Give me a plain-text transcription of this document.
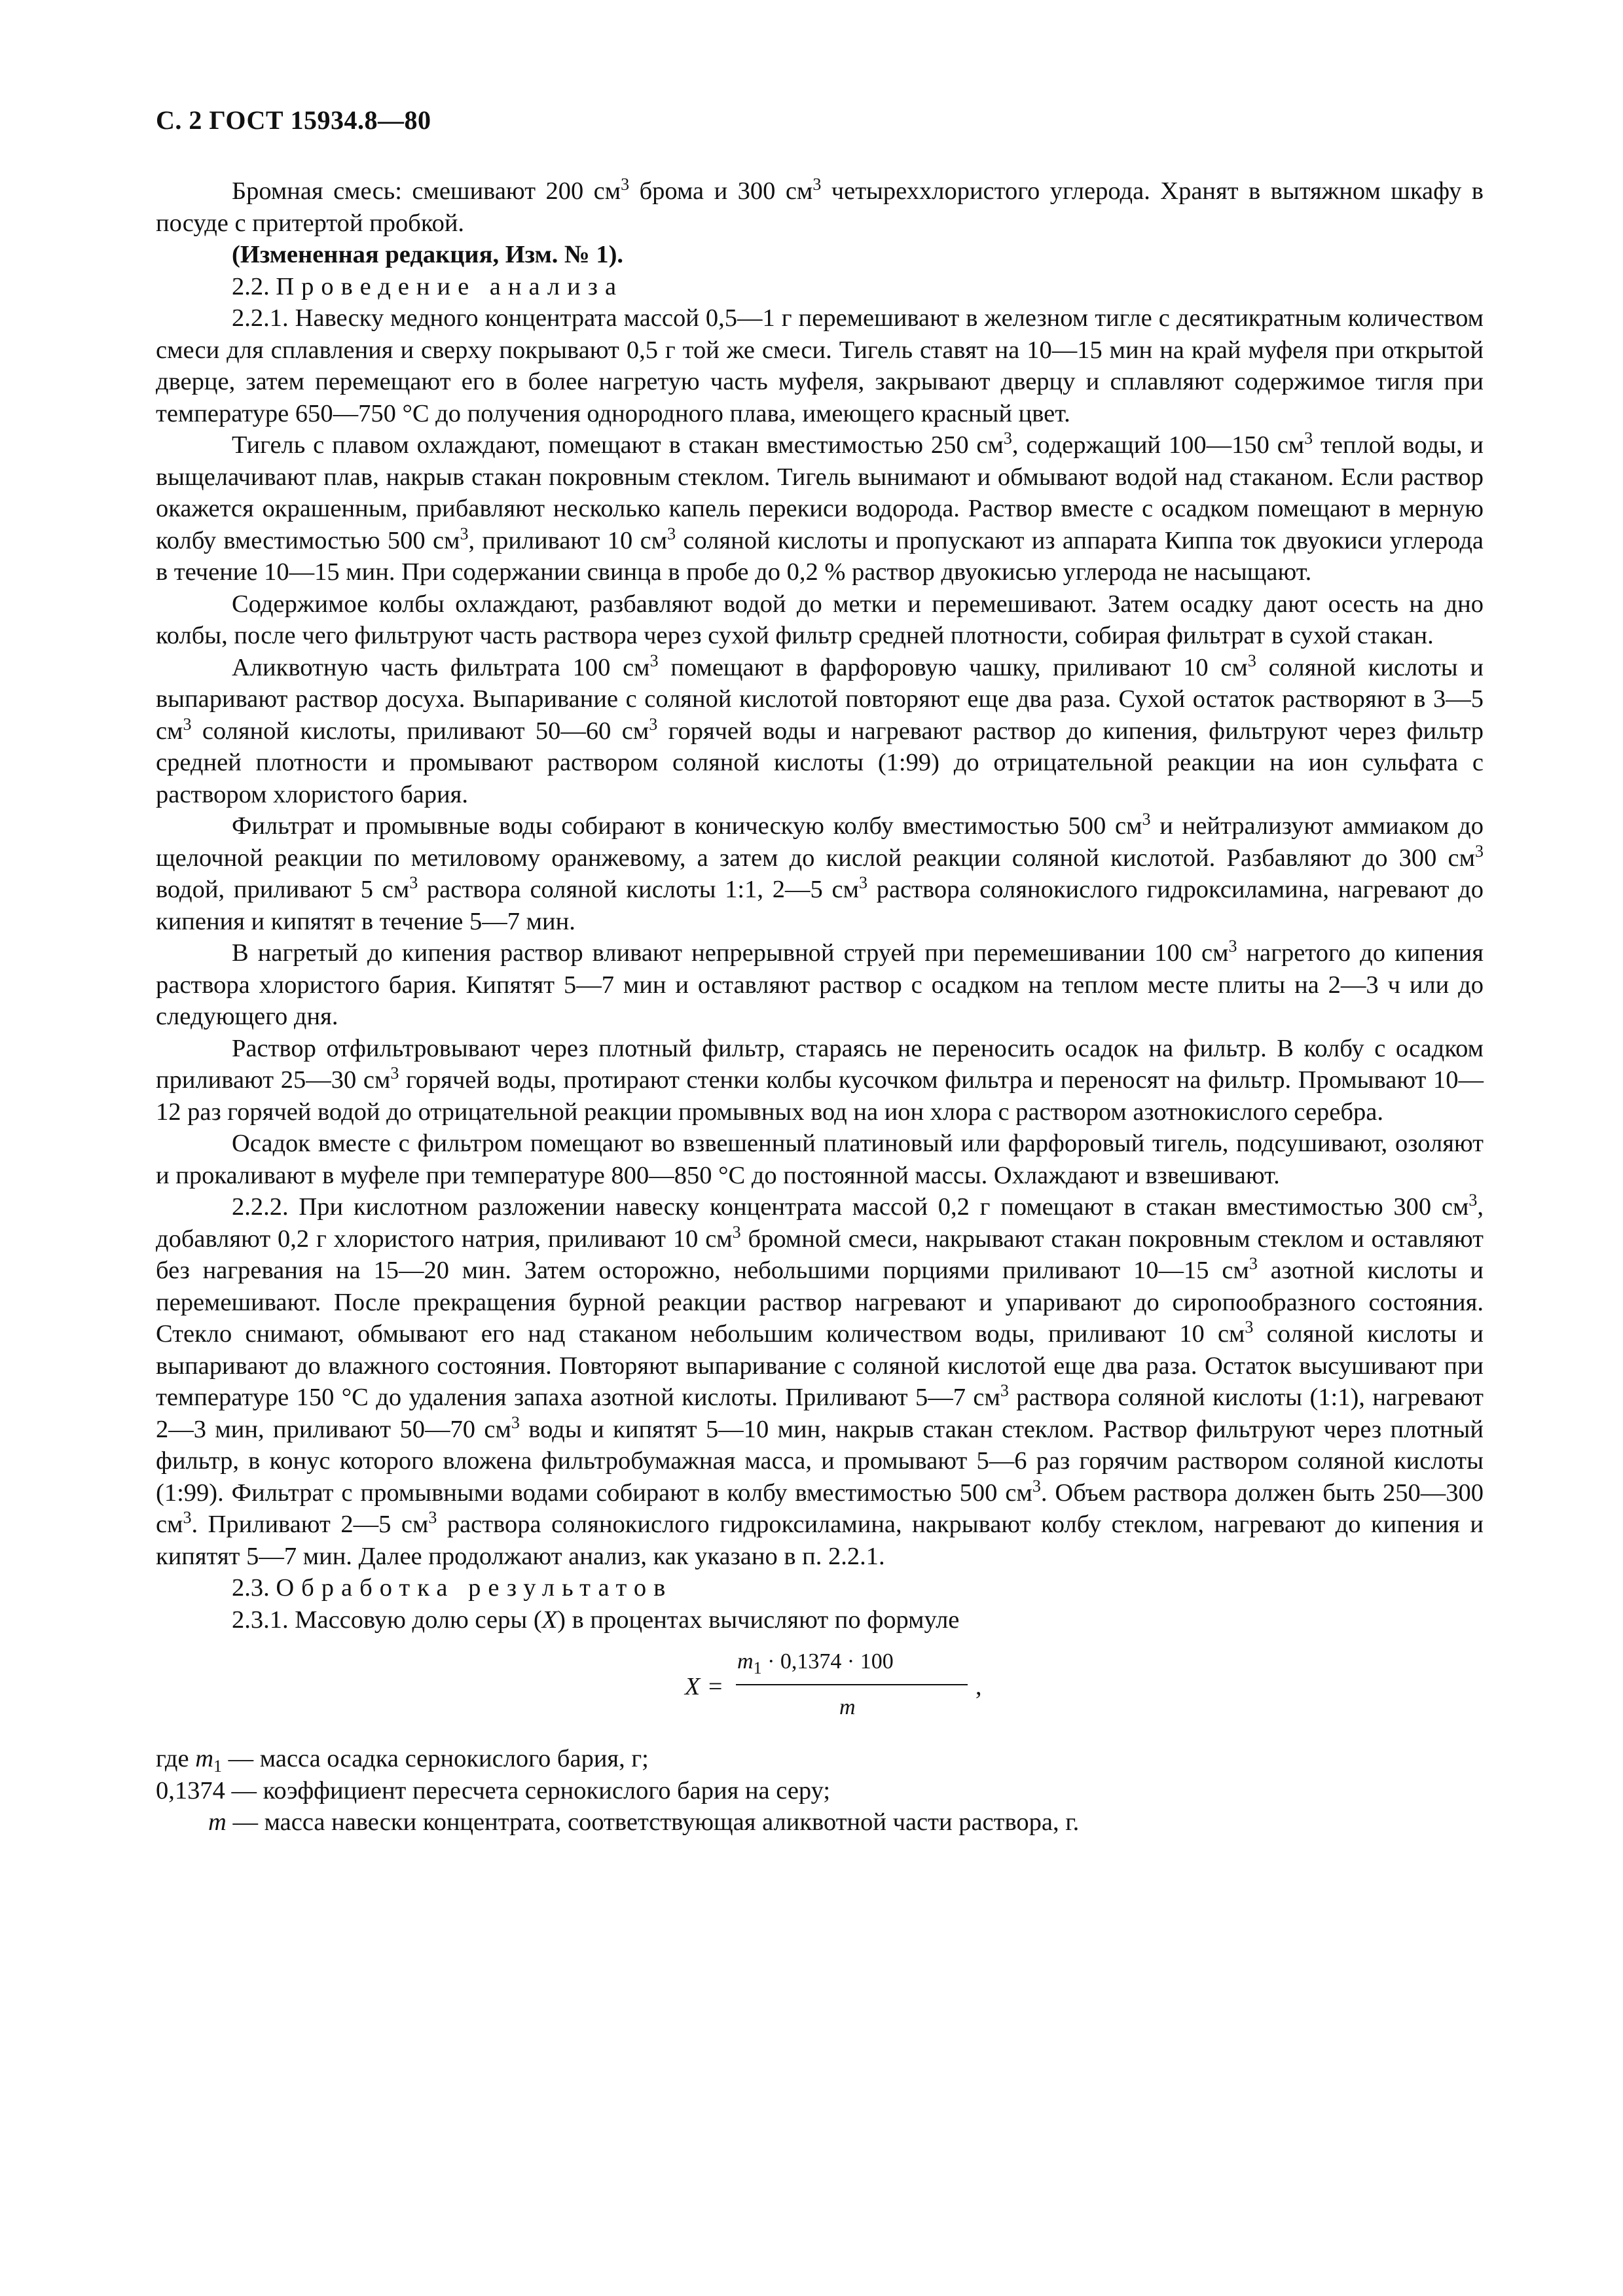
С. 2 ГОСТ 15934.8—80

Бромная смесь: смешивают 200 $см^3$ брома и 300 $см^3$ четыреххлористого углерода. Хранят в вытяжном шкафу в посуде с притертой пробкой.

(Измененная редакция, Изм. № 1).

2.2. Проведение анализа

2.2.1. Навеску медного концентрата массой 0,5—1 г перемешивают в железном тигле с десятикратным количеством смеси для сплавления и сверху покрывают 0,5 г той же смеси. Тигель ставят на 10—15 мин на край муфеля при открытой дверце, затем перемещают его в более нагретую часть муфеля, закрывают дверцу и сплавляют содержимое тигля при температуре 650—750 °С до получения однородного плава, имеющего красный цвет.

Тигель с плавом охлаждают, помещают в стакан вместимостью 250 $см^3$, содержащий 100—150 $см^3$ теплой воды, и выщелачивают плав, накрыв стакан покровным стеклом. Тигель вынимают и обмывают водой над стаканом. Если раствор окажется окрашенным, прибавляют несколько капель перекиси водорода. Раствор вместе с осадком помещают в мерную колбу вместимостью 500 $см^3$, приливают 10 $см^3$ соляной кислоты и пропускают из аппарата Киппа ток двуокиси углерода в течение 10—15 мин. При содержании свинца в пробе до 0,2 % раствор двуокисью углерода не насыщают.

Содержимое колбы охлаждают, разбавляют водой до метки и перемешивают. Затем осадку дают осесть на дно колбы, после чего фильтруют часть раствора через сухой фильтр средней плотности, собирая фильтрат в сухой стакан.

Аликвотную часть фильтрата 100 $см^3$ помещают в фарфоровую чашку, приливают 10 $см^3$ соляной кислоты и выпаривают раствор досуха. Выпаривание с соляной кислотой повторяют еще два раза. Сухой остаток растворяют в 3—5 $см^3$ соляной кислоты, приливают 50—60 $см^3$ горячей воды и нагревают раствор до кипения, фильтруют через фильтр средней плотности и промывают раствором соляной кислоты (1:99) до отрицательной реакции на ион сульфата с раствором хлористого бария.

Фильтрат и промывные воды собирают в коническую колбу вместимостью 500 $см^3$ и нейтрализуют аммиаком до щелочной реакции по метиловому оранжевому, а затем до кислой реакции соляной кислотой. Разбавляют до 300 $см^3$ водой, приливают 5 $см^3$ раствора соляной кислоты 1:1, 2—5 $см^3$ раствора солянокислого гидроксиламина, нагревают до кипения и кипятят в течение 5—7 мин.

В нагретый до кипения раствор вливают непрерывной струей при перемешивании 100 $см^3$ нагретого до кипения раствора хлористого бария. Кипятят 5—7 мин и оставляют раствор с осадком на теплом месте плиты на 2—3 ч или до следующего дня.

Раствор отфильтровывают через плотный фильтр, стараясь не переносить осадок на фильтр. В колбу с осадком приливают 25—30 $см^3$ горячей воды, протирают стенки колбы кусочком фильтра и переносят на фильтр. Промывают 10—12 раз горячей водой до отрицательной реакции промывных вод на ион хлора с раствором азотнокислого серебра.

Осадок вместе с фильтром помещают во взвешенный платиновый или фарфоровый тигель, подсушивают, озоляют и прокаливают в муфеле при температуре 800—850 °С до постоянной массы. Охлаждают и взвешивают.

2.2.2. При кислотном разложении навеску концентрата массой 0,2 г помещают в стакан вместимостью 300 $см^3$, добавляют 0,2 г хлористого натрия, приливают 10 $см^3$ бромной смеси, накрывают стакан покровным стеклом и оставляют без нагревания на 15—20 мин. Затем осторожно, небольшими порциями приливают 10—15 $см^3$ азотной кислоты и перемешивают. После прекращения бурной реакции раствор нагревают и упаривают до сиропообразного состояния. Стекло снимают, обмывают его над стаканом небольшим количеством воды, приливают 10 $см^3$ соляной кислоты и выпаривают до влажного состояния. Повторяют выпаривание с соляной кислотой еще два раза. Остаток высушивают при температуре 150 °С до удаления запаха азотной кислоты. Приливают 5—7 $см^3$ раствора соляной кислоты (1:1), нагревают 2—3 мин, приливают 50—70 $см^3$ воды и кипятят 5—10 мин, накрыв стакан стеклом. Раствор фильтруют через плотный фильтр, в конус которого вложена фильтробумажная масса, и промывают 5—6 раз горячим раствором соляной кислоты (1:99). Фильтрат с промывными водами собирают в колбу вместимостью 500 $см^3$. Объем раствора должен быть 250—300 $см^3$. Приливают 2—5 $см^3$ раствора солянокислого гидроксиламина, накрывают колбу стеклом, нагревают до кипения и кипятят 5—7 мин. Далее продолжают анализ, как указано в п. 2.2.1.

2.3. Обработка результатов

2.3.1. Массовую долю серы (X) в процентах вычисляют по формуле

X =
$m_1 \cdot 0,1374 \cdot 100$
m
,

где $m_1$ — масса осадка сернокислого бария, г;

0,1374 — коэффициент пересчета сернокислого бария на серу;

m — масса навески концентрата, соответствующая аликвотной части раствора, г.
